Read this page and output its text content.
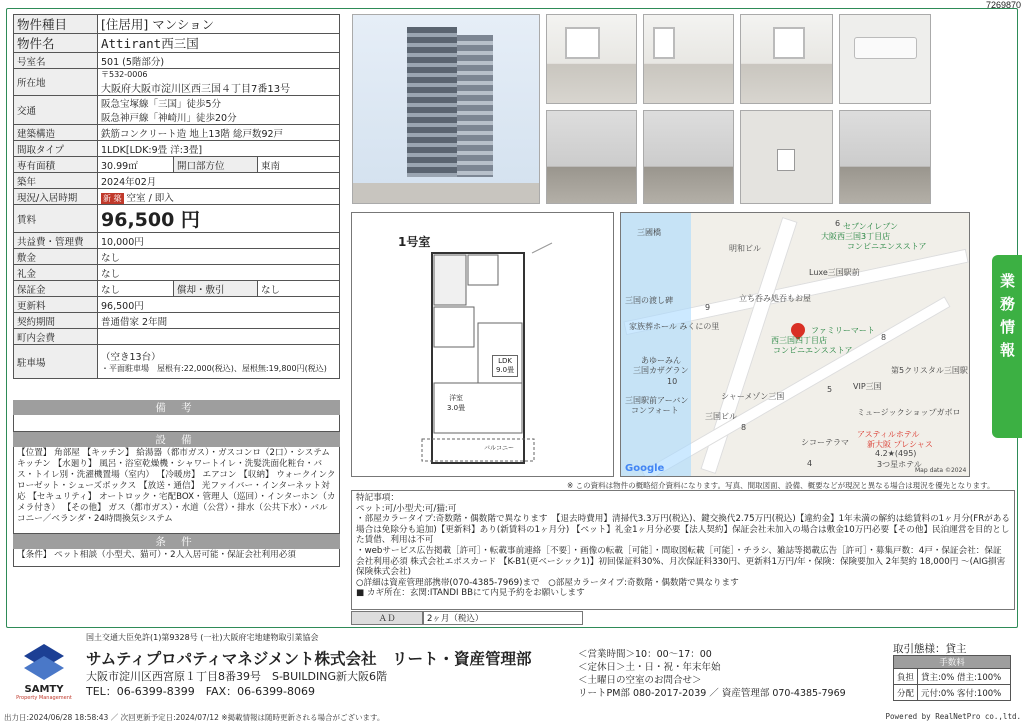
7269870
物件種目	[住居用] マンション		
物件名	Attirant西三国		
号室名	501 (5階部分)		
所在地	〒532-0006
大阪府大阪市淀川区西三国４丁目7番13号		

交通	阪急宝塚線「三国」徒歩5分
阪急神戸線「神崎川」徒歩20分		

建築構造	鉄筋コンクリート造 地上13階 総戸数92戸		
間取タイプ	1LDK[LDK:9畳 洋:3畳]		
専有面積	30.99㎡	開口部方位	東南
築年	2024年02月		
現況/入居時期	新 築 空室 / 即入		
賃料	96,500 円		
共益費・管理費	10,000円		
敷金	なし		
礼金	なし		
保証金	なし	償却・敷引	なし
更新料	96,500円		
契約期間	普通借家 2年間		
町内会費			
駐車場	（空き13台）
・平面駐車場　屋根有:22,000(税込)、屋根無:19,800円(税込)		
備 考
設 備
【位置】 角部屋 【キッチン】 給湯器（都市ガス）・ガスコンロ（2口）・システムキッチン 【水廻り】 風呂・浴室乾燥機・シャワートイレ・洗髪洗面化粧台・バス・トイレ別・洗濯機置場（室内） 【冷暖房】 エアコン 【収納】 ウォークインクローゼット・シューズボックス 【放送・通信】 光ファイバー・インターネット対応 【セキュリティ】 オートロック・宅配BOX・管理人（巡回）・インターホン（カメラ付き） 【その他】 ガス（都市ガス）・水道（公営）・排水（公共下水）・バルコニー／ベランダ・24時間換気システム
条 件
【条件】 ペット相談（小型犬、猫可）・2人入居可能・保証会社利用必須
1号室
LDK
9.0畳
洋室
3.0畳
バルコニー
三國橋
明和ビル
セブンイレブン
大阪西三国3丁目店
コンビニエンスストア
Luxe三国駅前
三国の渡し碑	立ち呑み処吞もお屋
家族葬ホール みくにの里	ファミリーマート
西三国四丁目店
コンビニエンスストア
あゆーみん
三国カザグラン	第5クリスタル三国駅
VIP三国
三国駅前アーバン
コンフォート
シャーメゾン三国
三国ビル	ミュージックショップガボロ
シコーテラマ
アスティルホテル
新大阪 プレシャス
4.2★(495)
3つ星ホテル
Google	Map data ©2024
6
9
8
10
5
8
4
※ この資料は物件の概略紹介資料になります。写真、間取図面、設備、概要などが現況と異なる場合は現況を優先となります。
特記事項：
ペット:可/小型犬:可/猫:可
・部屋カラータイプ:奇数階・偶数階で異なります　【退去時費用】清掃代3.3万円(税込)、鍵交換代2.75万円(税込)【違約金】1年未満の解約は総賃料の1ヶ月分(FRがある場合は免除分も追加)【更新料】あり(新賃料の1ヶ月分) 【ペット】礼金1ヶ月分必要【法人契約】保証会社未加入の場合は敷金10万円必要【その他】民泊運営を目的とした賃借、利用は不可
・webサービス広告掲載［許可］・転載事前連絡［不要］・画像の転載［可能］・間取図転載［可能］・チラシ、雑誌等掲載広告［許可］・募集戸数：4戸・保証会社：保証会社利用必須 株式会社エポスカード 【K-B1(更ベーシック1)】初回保証料30%、月次保証料330円、更新料1万円/年・保険：保険要加入 2年契約 18,000円 〜(AIG損害保険株式会社)
○詳細は資産管理部携帯(070-4385-7969)まで　○部屋カラータイプ:奇数階・偶数階で異なります
■ カギ所在：玄関:ITANDI BBにて内見予約をお願いします
ＡＤ	2ヶ月（税込）
業務情報
国土交通大臣免許(1)第9328号 (一社)大阪府宅地建物取引業協会
SAMTY
Property Management
サムティプロパティマネジメント株式会社　リート・資産管理部
大阪市淀川区西宮原１丁目8番39号　S-BUILDING新大阪6階
TEL：06-6399-8399　FAX：06-6399-8069
＜営業時間＞10：00〜17：00
＜定休日＞土・日・祝・年末年始
＜土曜日の空室のお問合せ＞
リートPM部 080-2017-2039 ／ 資産管理部 070-4385-7969
取引態様：貸主
手数料	
負担	貸主:0% 借主:100%
分配	元付:0% 客付:100%
出力日:2024/06/28 18:58:43 ／ 次回更新予定日:2024/07/12 ※掲載情報は随時更新される場合がございます。	Powered by RealNetPro co.,ltd.
